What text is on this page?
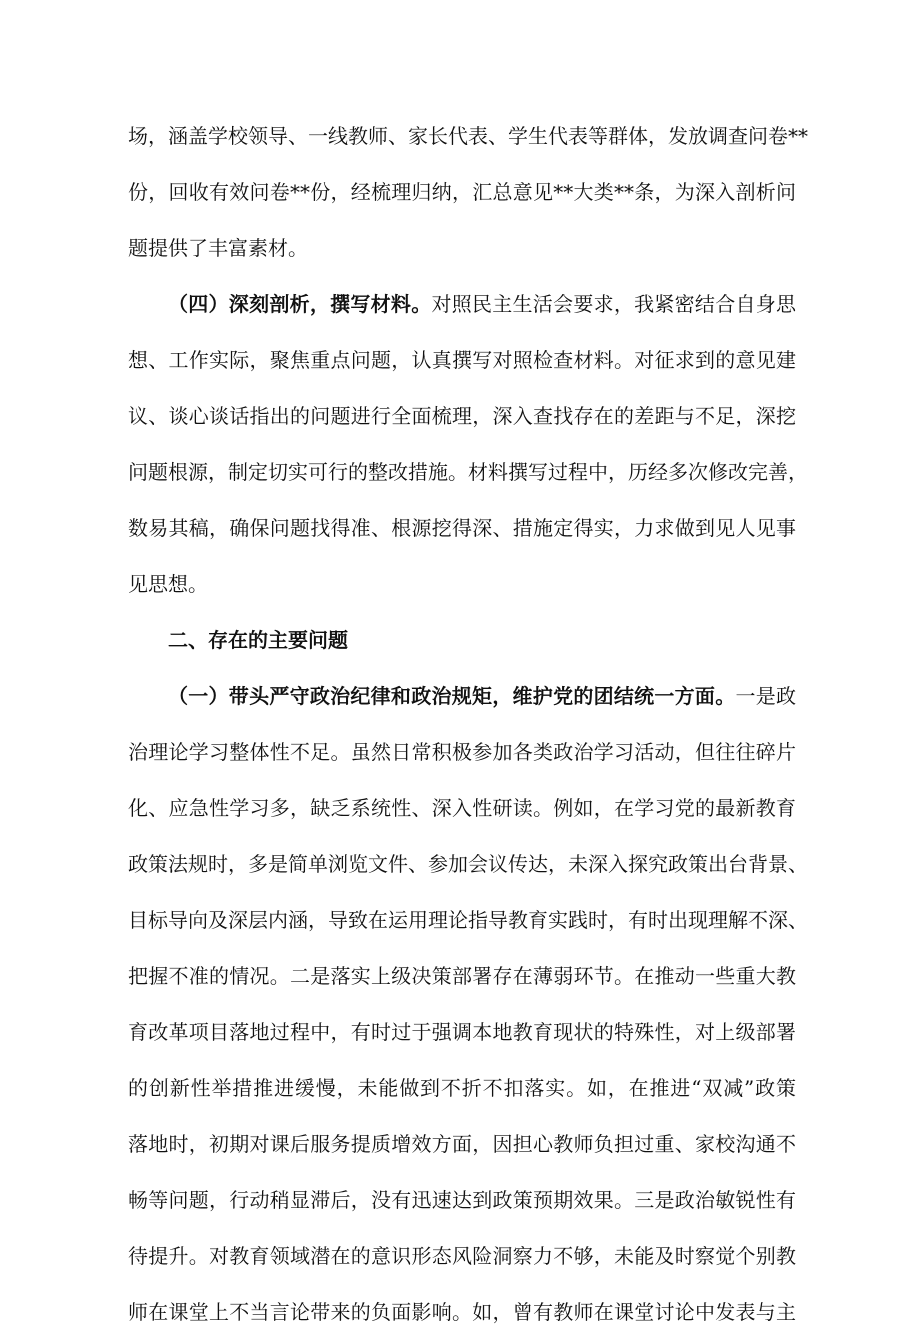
场，涵盖学校领导、一线教师、家长代表、学生代表等群体，发放调查问卷**
份，回收有效问卷**份，经梳理归纳，汇总意见**大类**条，为深入剖析问
题提供了丰富素材。
（四）深刻剖析，撰写材料。对照民主生活会要求，我紧密结合自身思
想、工作实际，聚焦重点问题，认真撰写对照检查材料。对征求到的意见建
议、谈心谈话指出的问题进行全面梳理，深入查找存在的差距与不足，深挖
问题根源，制定切实可行的整改措施。材料撰写过程中，历经多次修改完善，
数易其稿，确保问题找得准、根源挖得深、措施定得实，力求做到见人见事
见思想。
二、存在的主要问题
（一）带头严守政治纪律和政治规矩，维护党的团结统一方面。一是政
治理论学习整体性不足。虽然日常积极参加各类政治学习活动，但往往碎片
化、应急性学习多，缺乏系统性、深入性研读。例如，在学习党的最新教育
政策法规时，多是简单浏览文件、参加会议传达，未深入探究政策出台背景、
目标导向及深层内涵，导致在运用理论指导教育实践时，有时出现理解不深、
把握不准的情况。二是落实上级决策部署存在薄弱环节。在推动一些重大教
育改革项目落地过程中，有时过于强调本地教育现状的特殊性，对上级部署
的创新性举措推进缓慢，未能做到不折不扣落实。如，在推进“双减”政策
落地时，初期对课后服务提质增效方面，因担心教师负担过重、家校沟通不
畅等问题，行动稍显滞后，没有迅速达到政策预期效果。三是政治敏锐性有
待提升。对教育领域潜在的意识形态风险洞察力不够，未能及时察觉个别教
师在课堂上不当言论带来的负面影响。如，曾有教师在课堂讨论中发表与主
